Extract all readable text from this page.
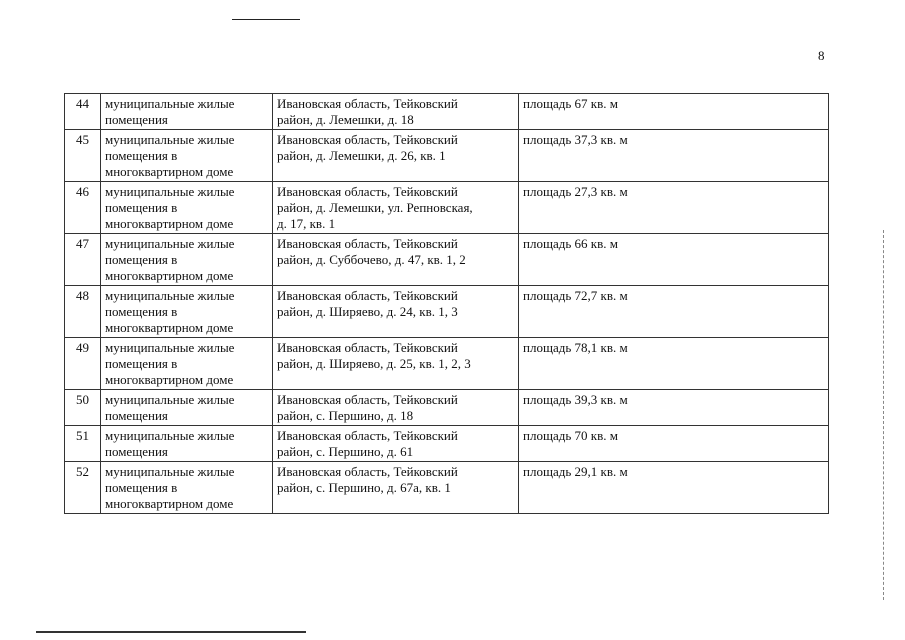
8
44	муниципальные жилые
помещения	Ивановская область, Тейковский
район, д. Лемешки, д. 18	площадь 67 кв. м
45	муниципальные жилые
помещения в
многоквартирном доме	Ивановская область, Тейковский
район, д. Лемешки, д. 26, кв. 1	площадь 37,3 кв. м
46	муниципальные жилые
помещения в
многоквартирном доме	Ивановская область, Тейковский
район, д. Лемешки, ул. Репновская,
д. 17, кв. 1	площадь 27,3 кв. м
47	муниципальные жилые
помещения в
многоквартирном доме	Ивановская область, Тейковский
район, д. Суббочево, д. 47, кв. 1, 2	площадь 66 кв. м
48	муниципальные жилые
помещения в
многоквартирном доме	Ивановская область, Тейковский
район, д. Ширяево, д. 24, кв. 1, 3	площадь 72,7 кв. м
49	муниципальные жилые
помещения в
многоквартирном доме	Ивановская область, Тейковский
район, д. Ширяево, д. 25, кв. 1, 2, 3	площадь 78,1 кв. м
50	муниципальные жилые
помещения	Ивановская область, Тейковский
район, с. Першино, д. 18	площадь 39,3 кв. м
51	муниципальные жилые
помещения	Ивановская область, Тейковский
район, с. Першино, д. 61	площадь 70 кв. м
52	муниципальные жилые
помещения в
многоквартирном доме	Ивановская область, Тейковский
район, с. Першино, д. 67а, кв. 1	площадь 29,1 кв. м
